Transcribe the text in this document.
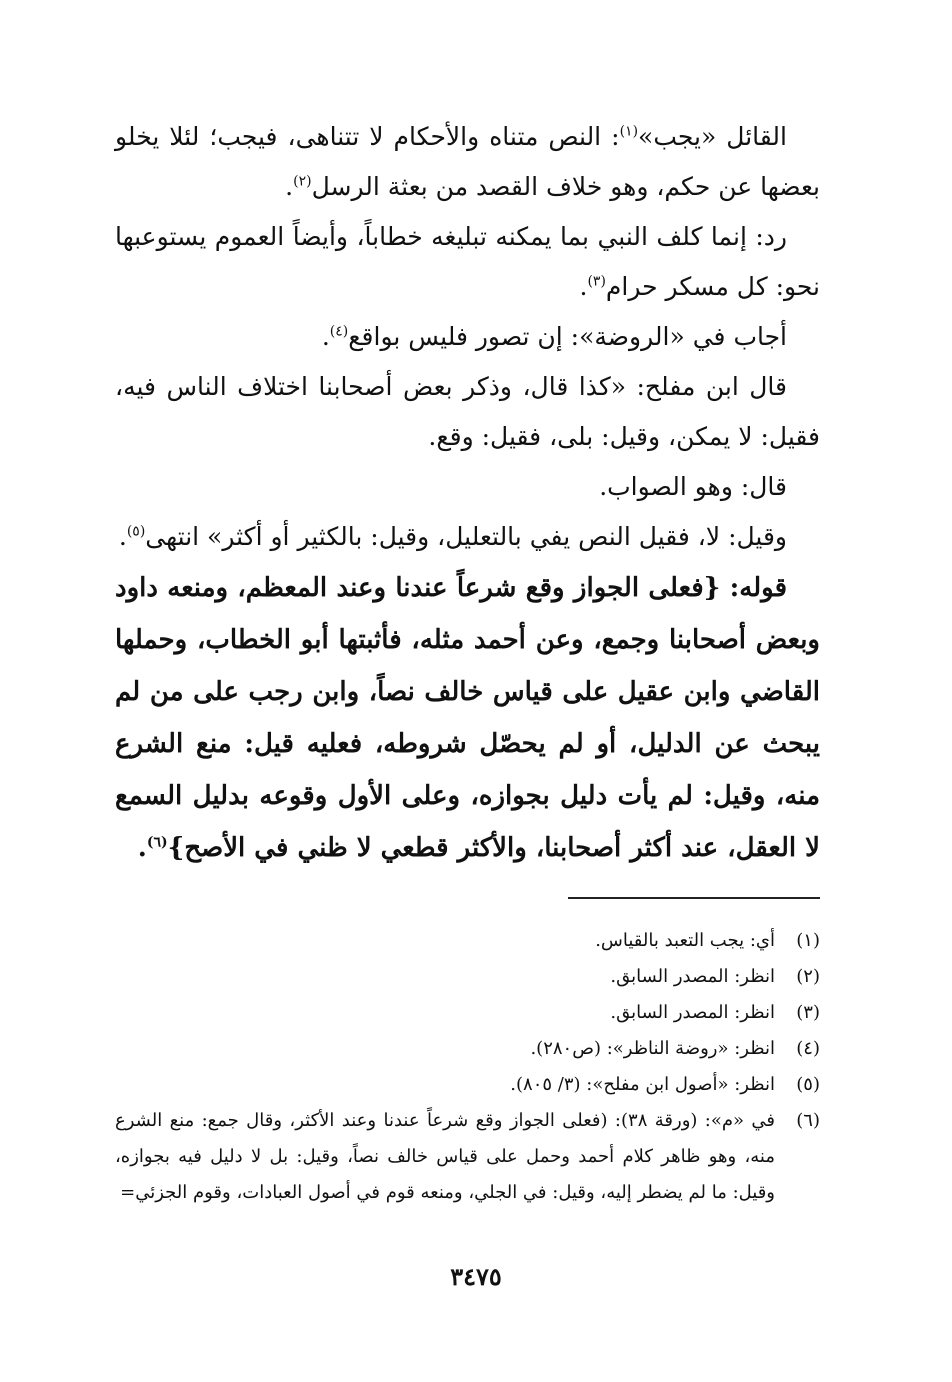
القائل «يجب»$^{(١)}$: النص متناه والأحكام لا تتناهى، فيجب؛ لئلا يخلو بعضها عن حكم، وهو خلاف القصد من بعثة الرسل$^{(٢)}$.

رد: إنما كلف النبي بما يمكنه تبليغه خطاباً، وأيضاً العموم يستوعبها نحو: كل مسكر حرام$^{(٣)}$.

أجاب في «الروضة»: إن تصور فليس بواقع$^{(٤)}$.

قال ابن مفلح: «كذا قال، وذكر بعض أصحابنا اختلاف الناس فيه، فقيل: لا يمكن، وقيل: بلى، فقيل: وقع.

قال: وهو الصواب.

وقيل: لا، فقيل النص يفي بالتعليل، وقيل: بالكثير أو أكثر» انتهى$^{(٥)}$.

قوله: {فعلى الجواز وقع شرعاً عندنا وعند المعظم، ومنعه داود وبعض أصحابنا وجمع، وعن أحمد مثله، فأثبتها أبو الخطاب، وحملها القاضي وابن عقيل على قياس خالف نصاً، وابن رجب على من لم يبحث عن الدليل، أو لم يحصّل شروطه، فعليه قيل: منع الشرع منه، وقيل: لم يأت دليل بجوازه، وعلى الأول وقوعه بدليل السمع لا العقل، عند أكثر أصحابنا، والأكثر قطعي لا ظني في الأصح}$^{(٦)}$.

(١)
أي: يجب التعبد بالقياس.
(٢)
انظر: المصدر السابق.
(٣)
انظر: المصدر السابق.
(٤)
انظر: «روضة الناظر»: (ص٢٨٠).
(٥)
انظر: «أصول ابن مفلح»: (٣/ ٨٠٥).
(٦)
في «م»: (ورقة ٣٨): (فعلى الجواز وقع شرعاً عندنا وعند الأكثر، وقال جمع: منع الشرع منه، وهو ظاهر كلام أحمد وحمل على قياس خالف نصاً، وقيل: بل لا دليل فيه بجوازه، وقيل: ما لم يضطر إليه، وقيل: في الجلي، ومنعه قوم في أصول العبادات، وقوم الجزئي=
٣٤٧٥
